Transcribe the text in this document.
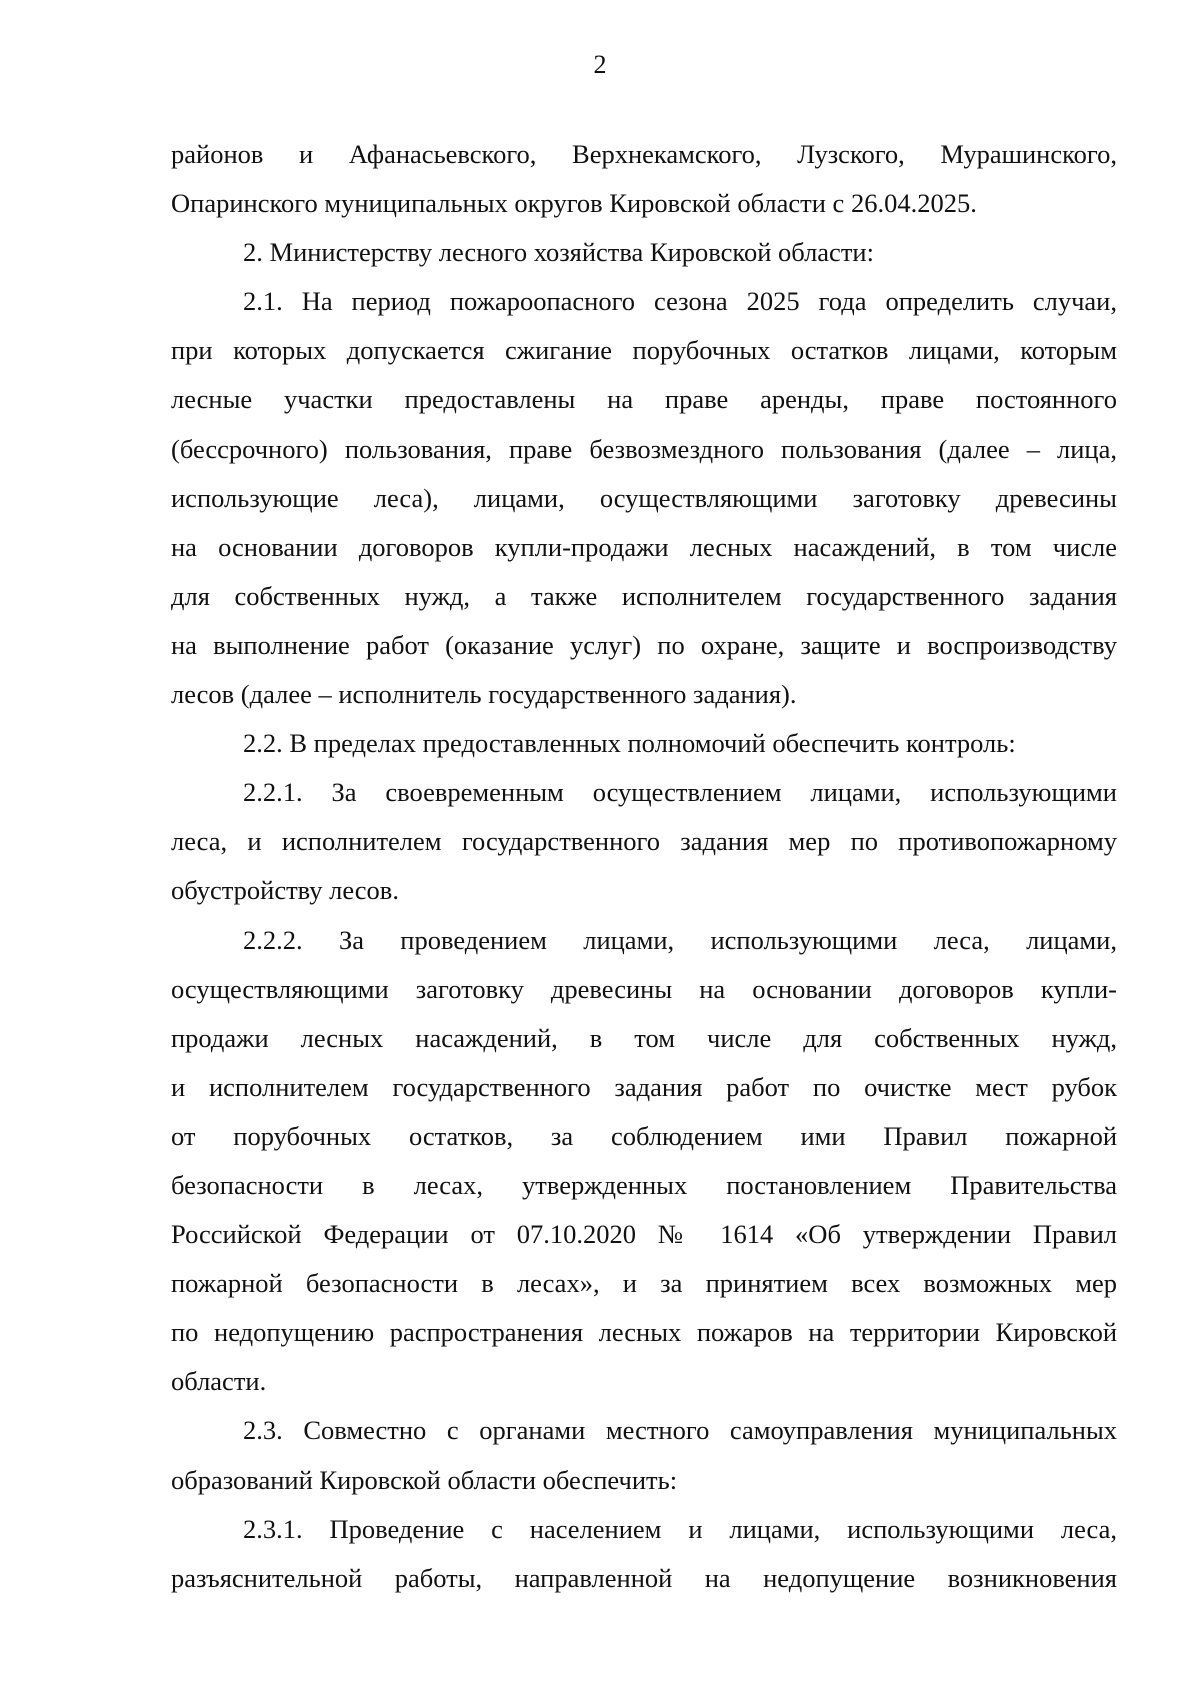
2
районов и Афанасьевского, Верхнекамского, Лузского, Мурашинского,
Опаринского муниципальных округов Кировской области с 26.04.2025.
2. Министерству лесного хозяйства Кировской области:
2.1. На период пожароопасного сезона 2025 года определить случаи,
при которых допускается сжигание порубочных остатков лицами, которым
лесные участки предоставлены на праве аренды, праве постоянного
(бессрочного) пользования, праве безвозмездного пользования (далее – лица,
использующие леса), лицами, осуществляющими заготовку древесины
на основании договоров купли-продажи лесных насаждений, в том числе
для собственных нужд, а также исполнителем государственного задания
на выполнение работ (оказание услуг) по охране, защите и воспроизводству
лесов (далее – исполнитель государственного задания).
2.2. В пределах предоставленных полномочий обеспечить контроль:
2.2.1. За своевременным осуществлением лицами, использующими
леса, и исполнителем государственного задания мер по противопожарному
обустройству лесов.
2.2.2. За проведением лицами, использующими леса, лицами,
осуществляющими заготовку древесины на основании договоров купли-
продажи лесных насаждений, в том числе для собственных нужд,
и исполнителем государственного задания работ по очистке мест рубок
от порубочных остатков, за соблюдением ими Правил пожарной
безопасности в лесах, утвержденных постановлением Правительства
Российской Федерации от 07.10.2020 № 1614 «Об утверждении Правил
пожарной безопасности в лесах», и за принятием всех возможных мер
по недопущению распространения лесных пожаров на территории Кировской
области.
2.3. Совместно с органами местного самоуправления муниципальных
образований Кировской области обеспечить:
2.3.1. Проведение с населением и лицами, использующими леса,
разъяснительной работы, направленной на недопущение возникновения
